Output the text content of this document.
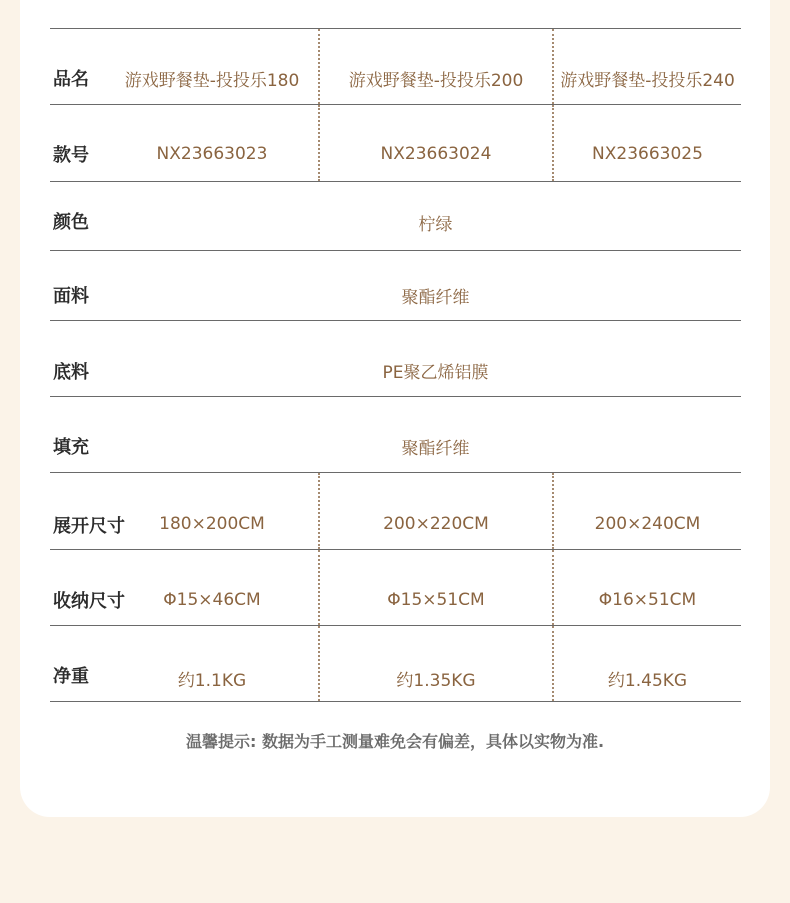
品名	游戏野餐垫-投投乐180	游戏野餐垫-投投乐200	游戏野餐垫-投投乐240
款号	NX23663023	NX23663024	NX23663025
颜色	柠绿
面料	聚酯纤维
底料	PE聚乙烯铝膜
填充	聚酯纤维
展开尺寸	180×200CM	200×220CM	200×240CM
收纳尺寸	Φ15×46CM	Φ15×51CM	Φ16×51CM
净重	约1.1KG	约1.35KG	约1.45KG
温馨提示: 数据为手工测量难免会有偏差，具体以实物为准.
